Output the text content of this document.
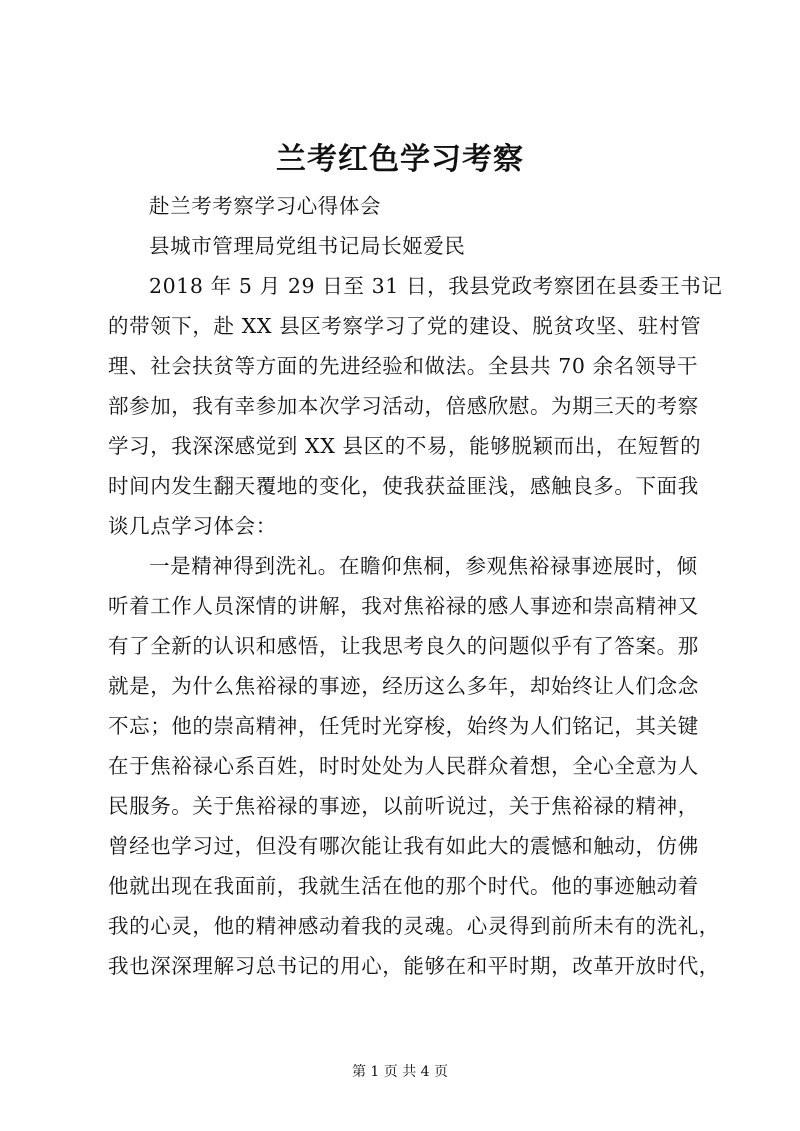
兰考红色学习考察
赴兰考考察学习心得体会
县城市管理局党组书记局长姬爱民
2018 年 5 月 29 日至 31 日，我县党政考察团在县委王书记
的带领下，赴 XX 县区考察学习了党的建设、脱贫攻坚、驻村管
理、社会扶贫等方面的先进经验和做法。全县共 70 余名领导干
部参加，我有幸参加本次学习活动，倍感欣慰。为期三天的考察
学习，我深深感觉到 XX 县区的不易，能够脱颖而出，在短暂的
时间内发生翻天覆地的变化，使我获益匪浅，感触良多。下面我
谈几点学习体会：
一是精神得到洗礼。在瞻仰焦桐，参观焦裕禄事迹展时，倾
听着工作人员深情的讲解，我对焦裕禄的感人事迹和崇高精神又
有了全新的认识和感悟，让我思考良久的问题似乎有了答案。那
就是，为什么焦裕禄的事迹，经历这么多年，却始终让人们念念
不忘；他的崇高精神，任凭时光穿梭，始终为人们铭记，其关键
在于焦裕禄心系百姓，时时处处为人民群众着想，全心全意为人
民服务。关于焦裕禄的事迹，以前听说过，关于焦裕禄的精神，
曾经也学习过，但没有哪次能让我有如此大的震憾和触动，仿佛
他就出现在我面前，我就生活在他的那个时代。他的事迹触动着
我的心灵，他的精神感动着我的灵魂。心灵得到前所未有的洗礼，
我也深深理解习总书记的用心，能够在和平时期，改革开放时代，
第 1 页 共 4 页
